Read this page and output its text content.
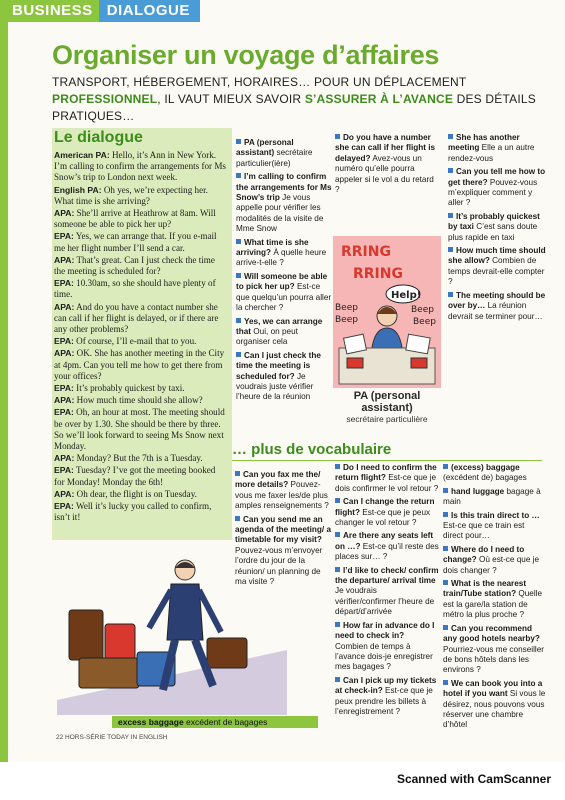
BUSINESS DIALOGUE
Organiser un voyage d’affaires
TRANSPORT, HÉBERGEMENT, HORAIRES… POUR UN DÉPLACEMENT PROFESSIONNEL, IL VAUT MIEUX SAVOIR S’ASSURER À L’AVANCE DES DÉTAILS PRATIQUES…
Le dialogue
American PA: Hello, it’s Ann in New York. I’m calling to confirm the arrangements for Ms Snow’s trip to London next week.
English PA: Oh yes, we’re expecting her. What time is she arriving?
APA: She’ll arrive at Heathrow at 8am. Will someone be able to pick her up?
EPA: Yes, we can arrange that. If you e-mail me her flight number I’ll send a car.
APA: That’s great. Can I just check the time the meeting is scheduled for?
EPA: 10.30am, so she should have plenty of time.
APA: And do you have a contact number she can call if her flight is delayed, or if there are any other problems?
EPA: Of course, I’ll e-mail that to you.
APA: OK. She has another meeting in the City at 4pm. Can you tell me how to get there from your offices?
EPA: It’s probably quickest by taxi.
APA: How much time should she allow?
EPA: Oh, an hour at most. The meeting should be over by 1.30. She should be there by three. So we’ll look forward to seeing Ms Snow next Monday.
APA: Monday? But the 7th is a Tuesday.
EPA: Tuesday? I’ve got the meeting booked for Monday! Monday the 6th!
APA: Oh dear, the flight is on Tuesday.
EPA: Well it’s lucky you called to confirm, isn’t it!
PA (personal assistant) secrétaire particulier(ière)
I’m calling to confirm the arrangements for Ms Snow’s trip Je vous appelle pour vérifier les modalités de la visite de Mme Snow
What time is she arriving? À quelle heure arrive-t-elle ?
Will someone be able to pick her up? Est-ce que quelqu’un pourra aller la chercher ?
Yes, we can arrange that Oui, on peut organiser cela
Can I just check the time the meeting is scheduled for? Je voudrais juste vérifier l’heure de la réunion
Do you have a number she can call if her flight is delayed? Avez-vous un numéro qu’elle pourra appeler si le vol a du retard ?
She has another meeting Elle a un autre rendez-vous
Can you tell me how to get there? Pouvez-vous m’expliquer comment y aller ?
It’s probably quickest by taxi C’est sans doute plus rapide en taxi
How much time should she allow? Combien de temps devrait-elle compter ?
The meeting should be over by… La réunion devrait se terminer pour…
RRING
RRING
Help!
Beep
Beep
Beep
Beep
PA (personal assistant)
secrétaire particulière
… plus de vocabulaire
Can you fax me the/ more details? Pouvez-vous me faxer les/de plus amples renseignements ?
Can you send me an agenda of the meeting/ a timetable for my visit? Pouvez-vous m’envoyer l’ordre du jour de la réunion/ un planning de ma visite ?
Do I need to confirm the return flight? Est-ce que je dois confirmer le vol retour ?
Can I change the return flight? Est-ce que je peux changer le vol retour ?
Are there any seats left on …? Est-ce qu’il reste des places sur… ?
I’d like to check/ confirm the departure/ arrival time Je voudrais vérifier/confirmer l’heure de départ/d’arrivée
How far in advance do I need to check in? Combien de temps à l’avance dois-je enregistrer mes bagages ?
Can I pick up my tickets at check-in? Est-ce que je peux prendre les billets à l’enregistrement ?
(excess) baggage (excédent de) bagages
hand luggage bagage à main
Is this train direct to … Est-ce que ce train est direct pour…
Where do I need to change? Où est-ce que je dois changer ?
What is the nearest train/Tube station? Quelle est la gare/la station de métro la plus proche ?
Can you recommend any good hotels nearby? Pourriez-vous me conseiller de bons hôtels dans les environs ?
We can book you into a hotel if you want Si vous le désirez, nous pouvons vous réserver une chambre d’hôtel
excess baggage excédent de bagages
22 HORS-SÉRIE TODAY IN ENGLISH
Scanned with CamScanner
